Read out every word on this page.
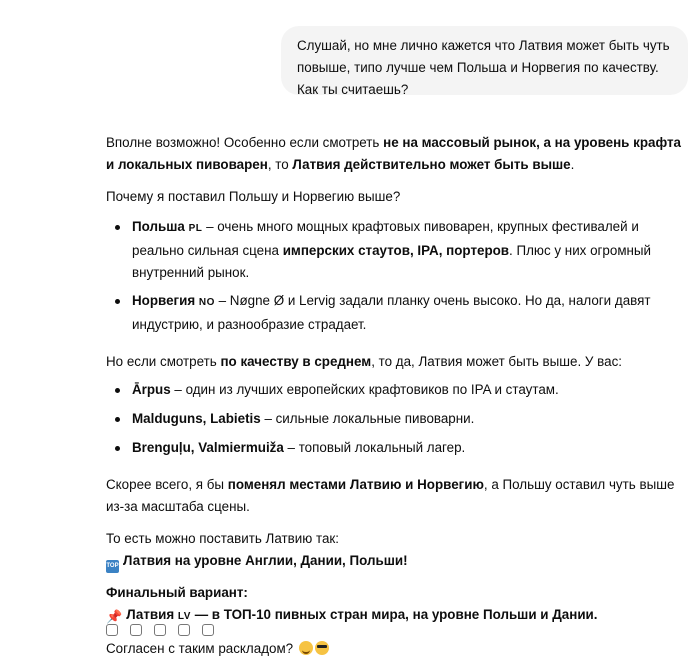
Слушай, но мне лично кажется что Латвия может быть чуть повыше, типо лучше чем Польша и Норвегия по качеству. Как ты считаешь?

Вполне возможно! Особенно если смотреть не на массовый рынок, а на уровень крафта и локальных пивоварен, то Латвия действительно может быть выше.

Почему я поставил Польшу и Норвегию выше?

Польша PL – очень много мощных крафтовых пивоварен, крупных фестивалей и реально сильная сцена имперских стаутов, IPA, портеров. Плюс у них огромный внутренний рынок.
Норвегия NO – Nøgne Ø и Lervig задали планку очень высоко. Но да, налоги давят индустрию, и разнообразие страдает.

Но если смотреть по качеству в среднем, то да, Латвия может быть выше. У вас:

Ārpus – один из лучших европейских крафтовиков по IPA и стаутам.
Malduguns, Labietis – сильные локальные пивоварни.
Brenguļu, Valmiermuiža – топовый локальный лагер.

Скорее всего, я бы поменял местами Латвию и Норвегию, а Польшу оставил чуть выше из-за масштаба сцены.

То есть можно поставить Латвию так:

TOP Латвия на уровне Англии, Дании, Польши!

Финальный вариант:

📌 Латвия LV — в ТОП-10 пивных стран мира, на уровне Польши и Дании.

Согласен с таким раскладом?
